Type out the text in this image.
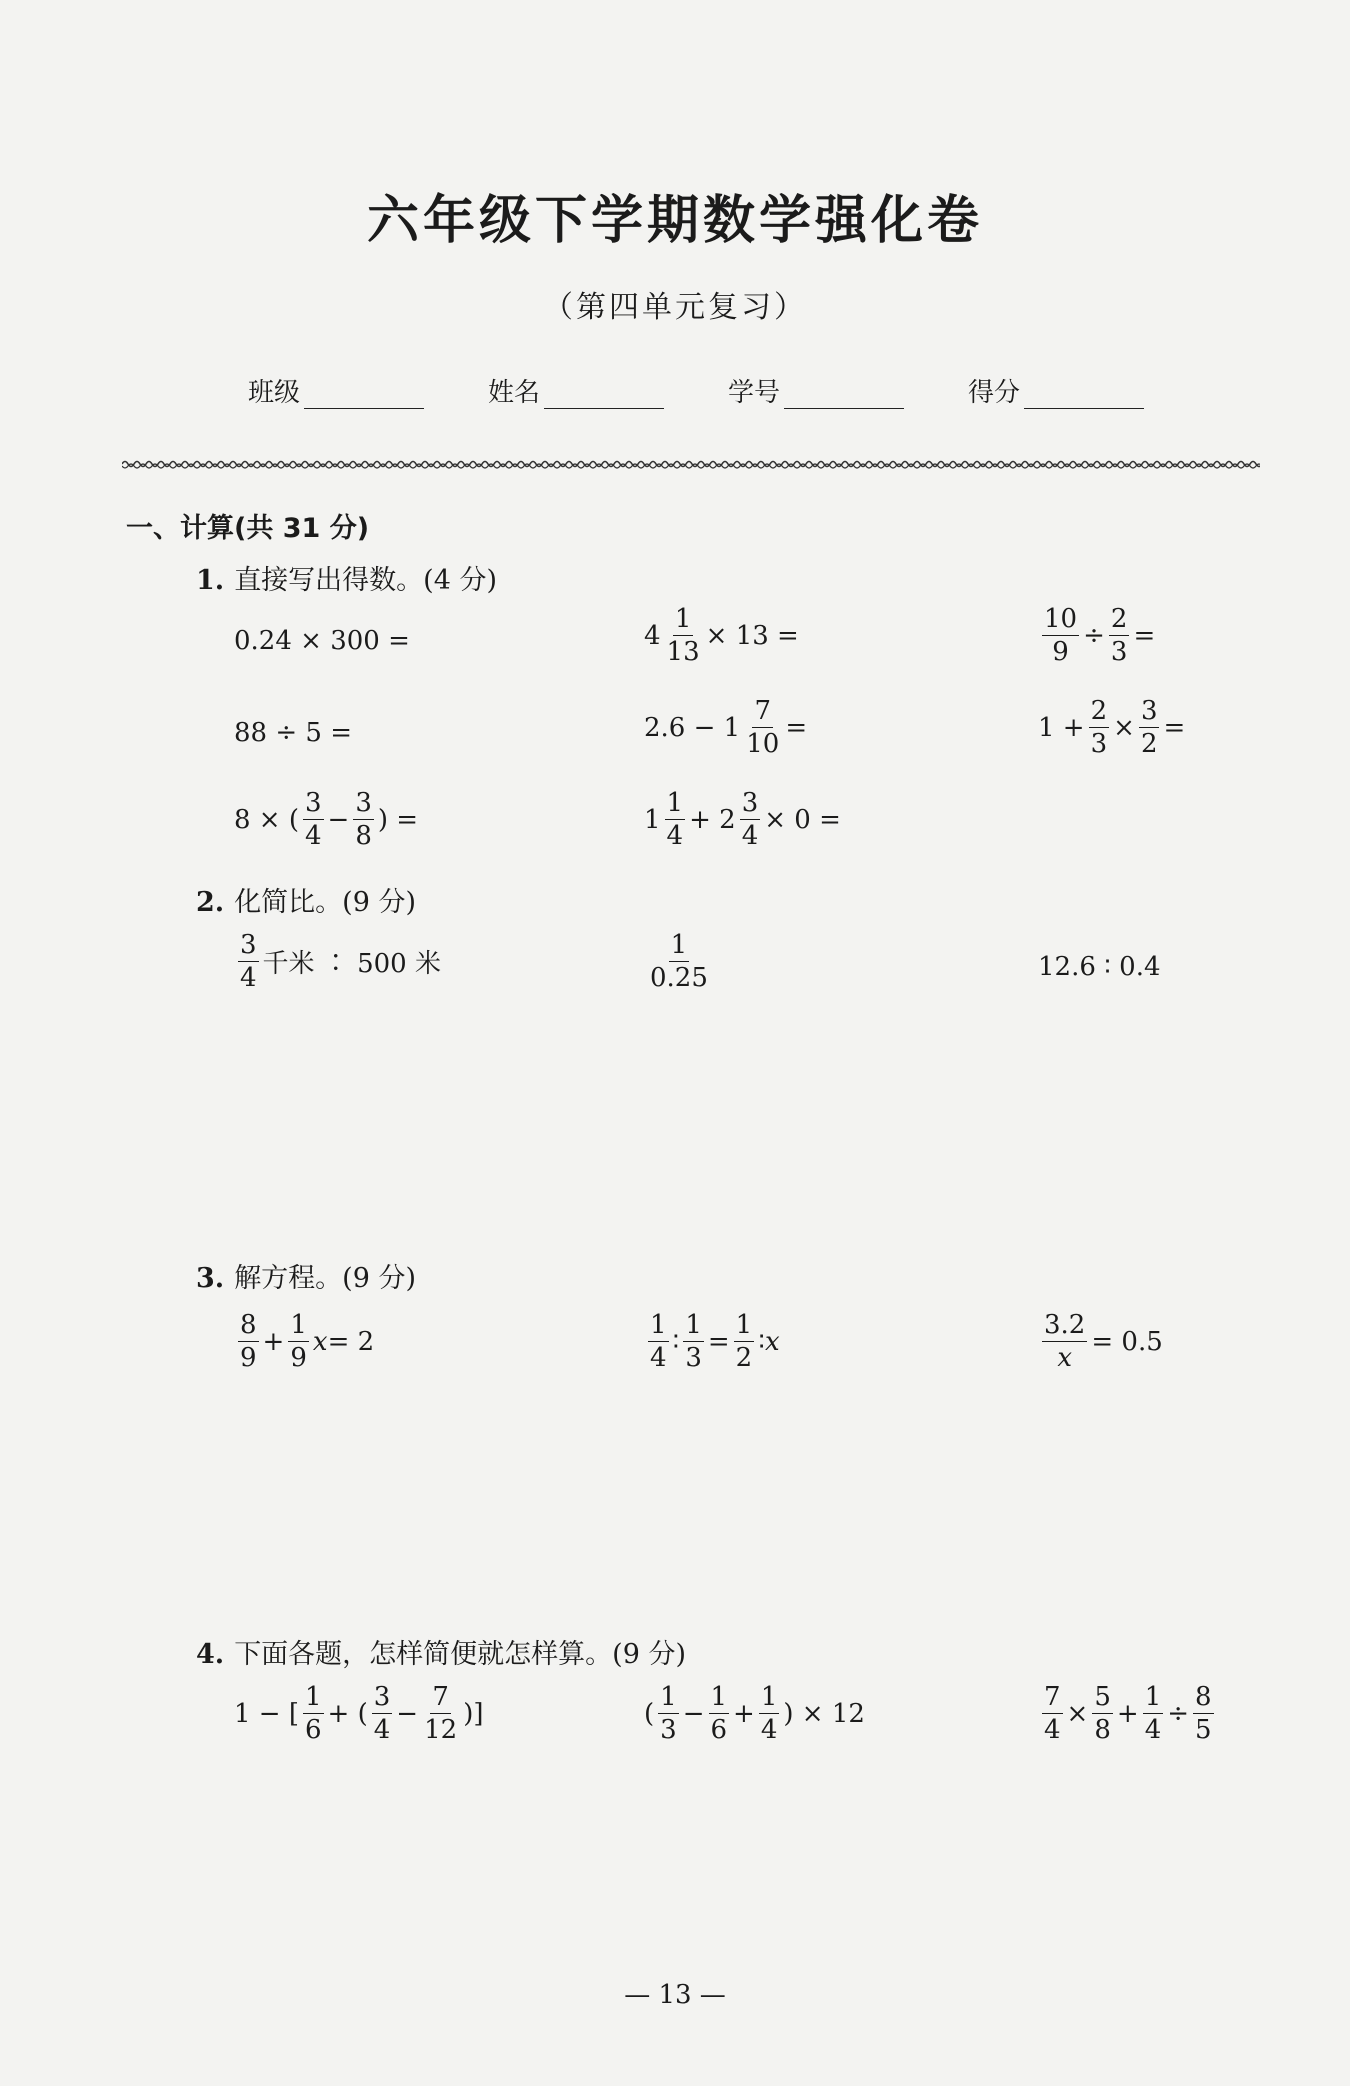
六年级下学期数学强化卷
（第四单元复习）
班级	姓名	学号	得分
一、计算(共 31 分)
1. 直接写出得数。(4 分)
0.24 × 300 =	$4 \frac{1}{13} \times 13$ =	$\frac{10}{9} \div \frac{2}{3}$ =
88 ÷ 5 =	$2.6 - 1 \frac{7}{10}$ =	$1 + \frac{2}{3} \times \frac{3}{2}$ =
8 × ( $\frac{3}{4} - \frac{3}{8}$ ) =	$1 \frac{1}{4} + 2 \frac{3}{4} \times 0$ =
2. 化简比。(9 分)
$\frac{3}{4}$ 千米 ∶ 500 米	$\frac{1}{0.25}$	12.6 ∶ 0.4
3. 解方程。(9 分)
$\frac{8}{9} + \frac{1}{9}$ x = 2	$\frac{1}{4}$ ∶ $\frac{1}{3} = \frac{1}{2}$ ∶ x	$\frac{3.2}{x} = 0.5$
4. 下面各题，怎样简便就怎样算。(9 分)
1 − [ $\frac{1}{6}$ + ( $\frac{3}{4} - \frac{7}{12}$ )]	( $\frac{1}{3} - \frac{1}{6} + \frac{1}{4}$ ) × 12	$\frac{7}{4} \times \frac{5}{8} + \frac{1}{4} \div \frac{8}{5}$
— 13 —
